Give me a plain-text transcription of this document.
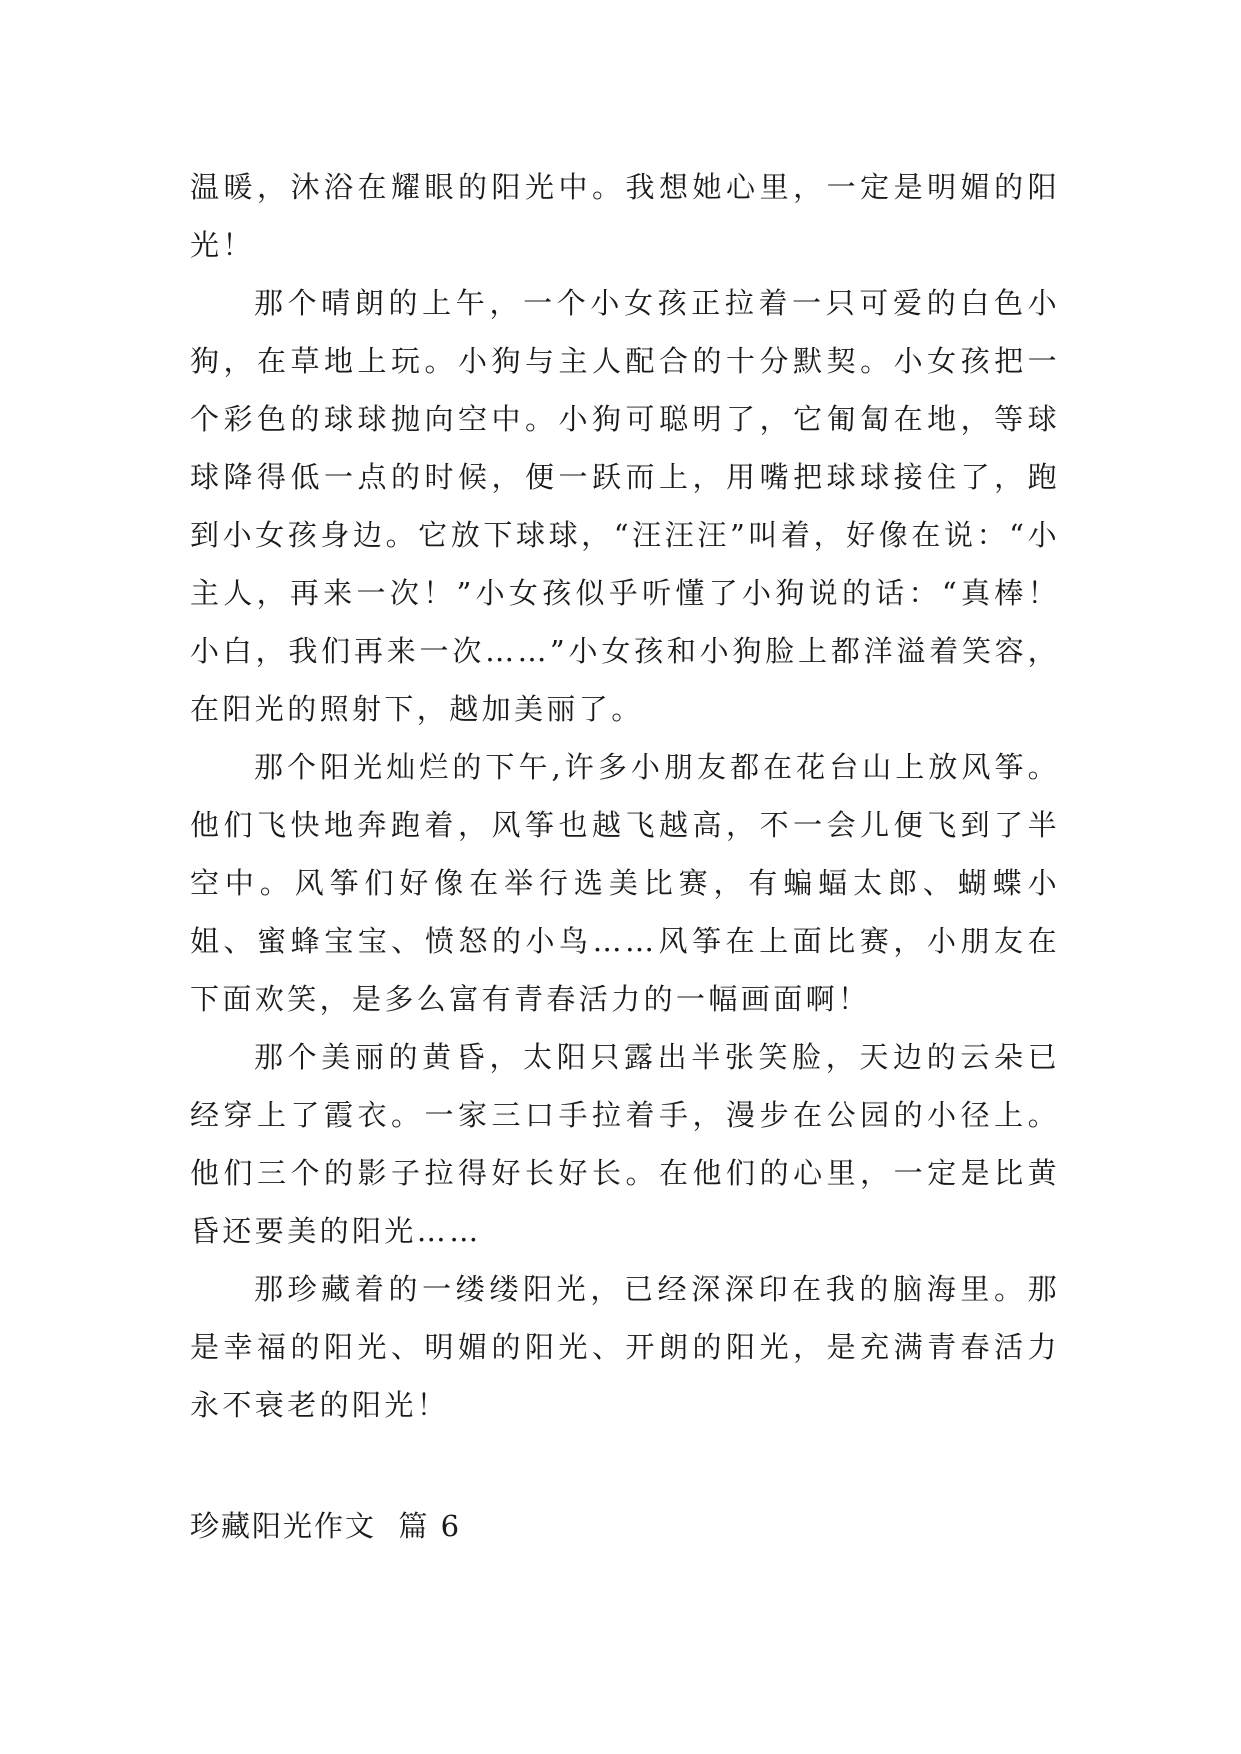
温暖，沐浴在耀眼的阳光中。我想她心里，一定是明媚的阳光！

那个晴朗的上午，一个小女孩正拉着一只可爱的白色小狗，在草地上玩。小狗与主人配合的十分默契。小女孩把一个彩色的球球抛向空中。小狗可聪明了，它匍匐在地，等球球降得低一点的时候，便一跃而上，用嘴把球球接住了，跑到小女孩身边。它放下球球，“汪汪汪”叫着，好像在说：“小主人，再来一次！”小女孩似乎听懂了小狗说的话：“真棒！小白，我们再来一次……”小女孩和小狗脸上都洋溢着笑容，在阳光的照射下，越加美丽了。

那个阳光灿烂的下午,许多小朋友都在花台山上放风筝。他们飞快地奔跑着，风筝也越飞越高，不一会儿便飞到了半空中。风筝们好像在举行选美比赛，有蝙蝠太郎、蝴蝶小姐、蜜蜂宝宝、愤怒的小鸟……风筝在上面比赛，小朋友在下面欢笑，是多么富有青春活力的一幅画面啊！

那个美丽的黄昏，太阳只露出半张笑脸，天边的云朵已经穿上了霞衣。一家三口手拉着手，漫步在公园的小径上。他们三个的影子拉得好长好长。在他们的心里，一定是比黄昏还要美的阳光……

那珍藏着的一缕缕阳光，已经深深印在我的脑海里。那是幸福的阳光、明媚的阳光、开朗的阳光，是充满青春活力永不衰老的阳光！

珍藏阳光作文  篇 6
